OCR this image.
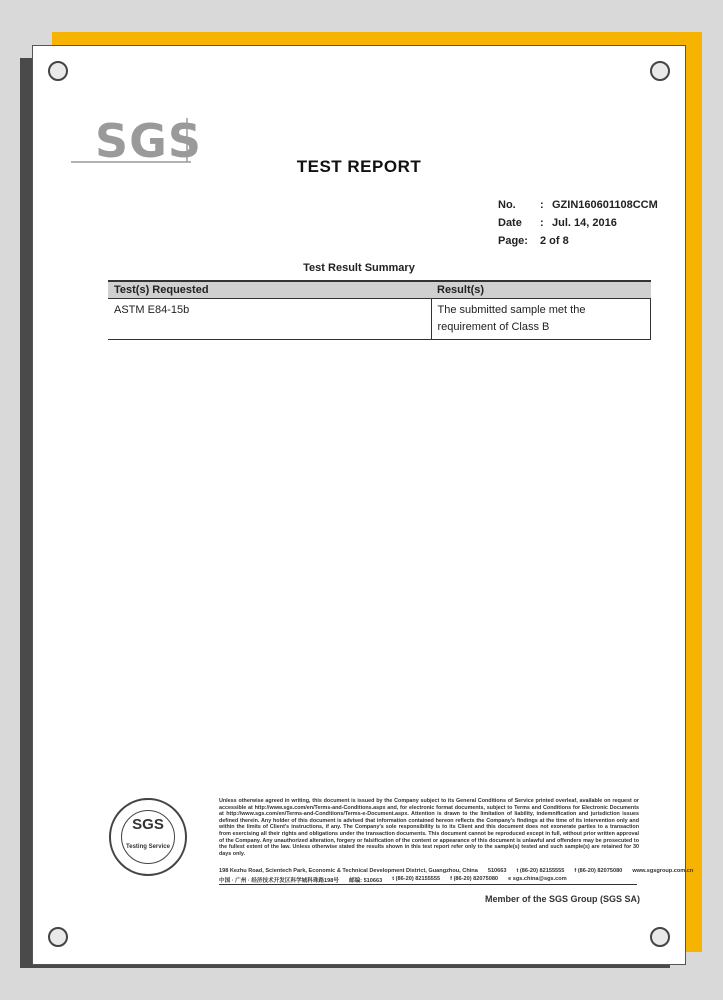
SGS	TEST REPORT
No.	: GZIN160601108CCM
Date	: Jul. 14, 2016
Page:	2 of 8
Test Result Summary
Test(s) Requested	Result(s)
ASTM E84-15b	The submitted sample met the requirement of Class B
SGS
Testing Service
Unless otherwise agreed in writing, this document is issued by the Company subject to its General Conditions of Service printed overleaf, available on request or accessible at http://www.sgs.com/en/Terms-and-Conditions.aspx and, for electronic format documents, subject to Terms and Conditions for Electronic Documents at http://www.sgs.com/en/Terms-and-Conditions/Terms-e-Document.aspx. Attention is drawn to the limitation of liability, indemnification and jurisdiction issues defined therein. Any holder of this document is advised that information contained hereon reflects the Company's findings at the time of its intervention only and within the limits of Client's instructions, if any. The Company's sole responsibility is to its Client and this document does not exonerate parties to a transaction from exercising all their rights and obligations under the transaction documents. This document cannot be reproduced except in full, without prior written approval of the Company. Any unauthorized alteration, forgery or falsification of the content or appearance of this document is unlawful and offenders may be prosecuted to the fullest extent of the law. Unless otherwise stated the results shown in this test report refer only to the sample(s) tested and such sample(s) are retained for 30 days only.
198 Kezhu Road, Scientech Park, Economic & Technical Development District, Guangzhou, China 510663 t (86-20) 82155555 f (86-20) 82075080 www.sgsgroup.com.cn
中国 · 广州 · 经济技术开发区科学城科珠路198号 邮编: 510663 t (86-20) 82155555 f (86-20) 82075080 e sgs.china@sgs.com
Member of the SGS Group (SGS SA)
